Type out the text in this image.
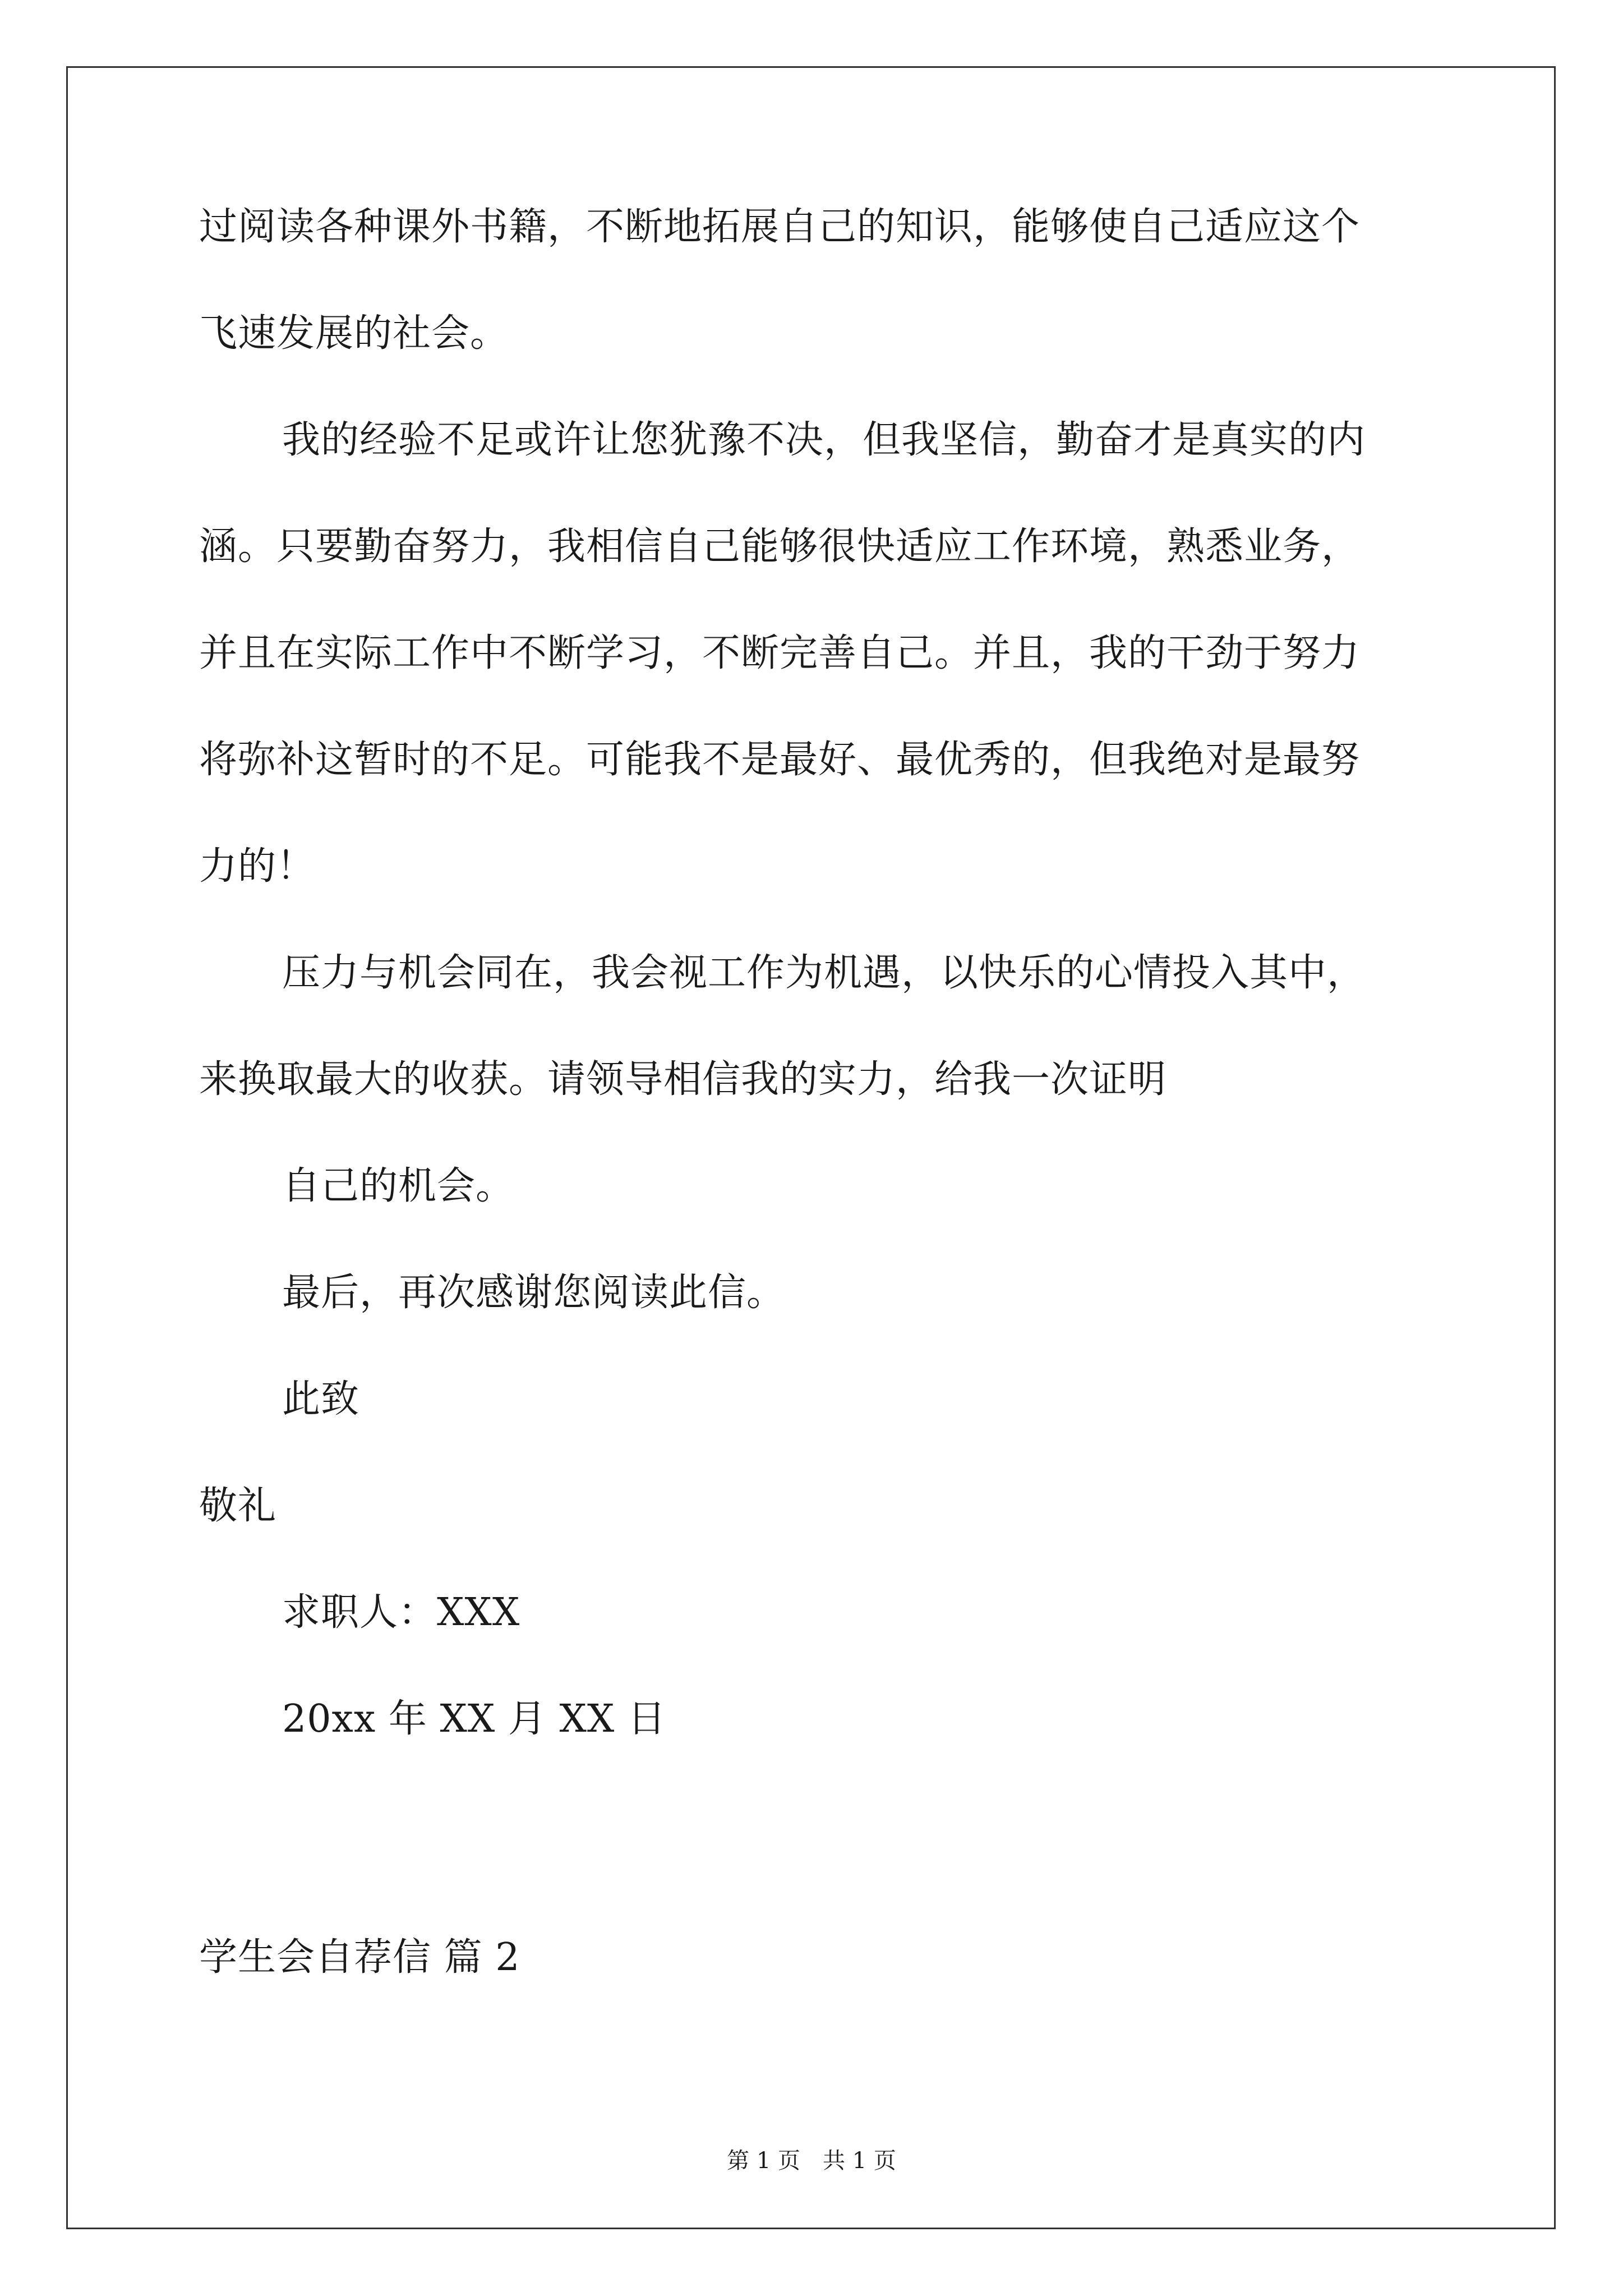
过阅读各种课外书籍，不断地拓展自己的知识，能够使自己适应这个
飞速发展的社会。
我的经验不足或许让您犹豫不决，但我坚信，勤奋才是真实的内
涵。只要勤奋努力，我相信自己能够很快适应工作环境，熟悉业务，
并且在实际工作中不断学习，不断完善自己。并且，我的干劲于努力
将弥补这暂时的不足。可能我不是最好、最优秀的，但我绝对是最努
力的！
压力与机会同在，我会视工作为机遇，以快乐的心情投入其中，
来换取最大的收获。请领导相信我的实力，给我一次证明
自己的机会。
最后，再次感谢您阅读此信。
此致
敬礼
求职人：XXX
20xx 年 XX 月 XX 日
学生会自荐信 篇 2
第 1 页　共 1 页
